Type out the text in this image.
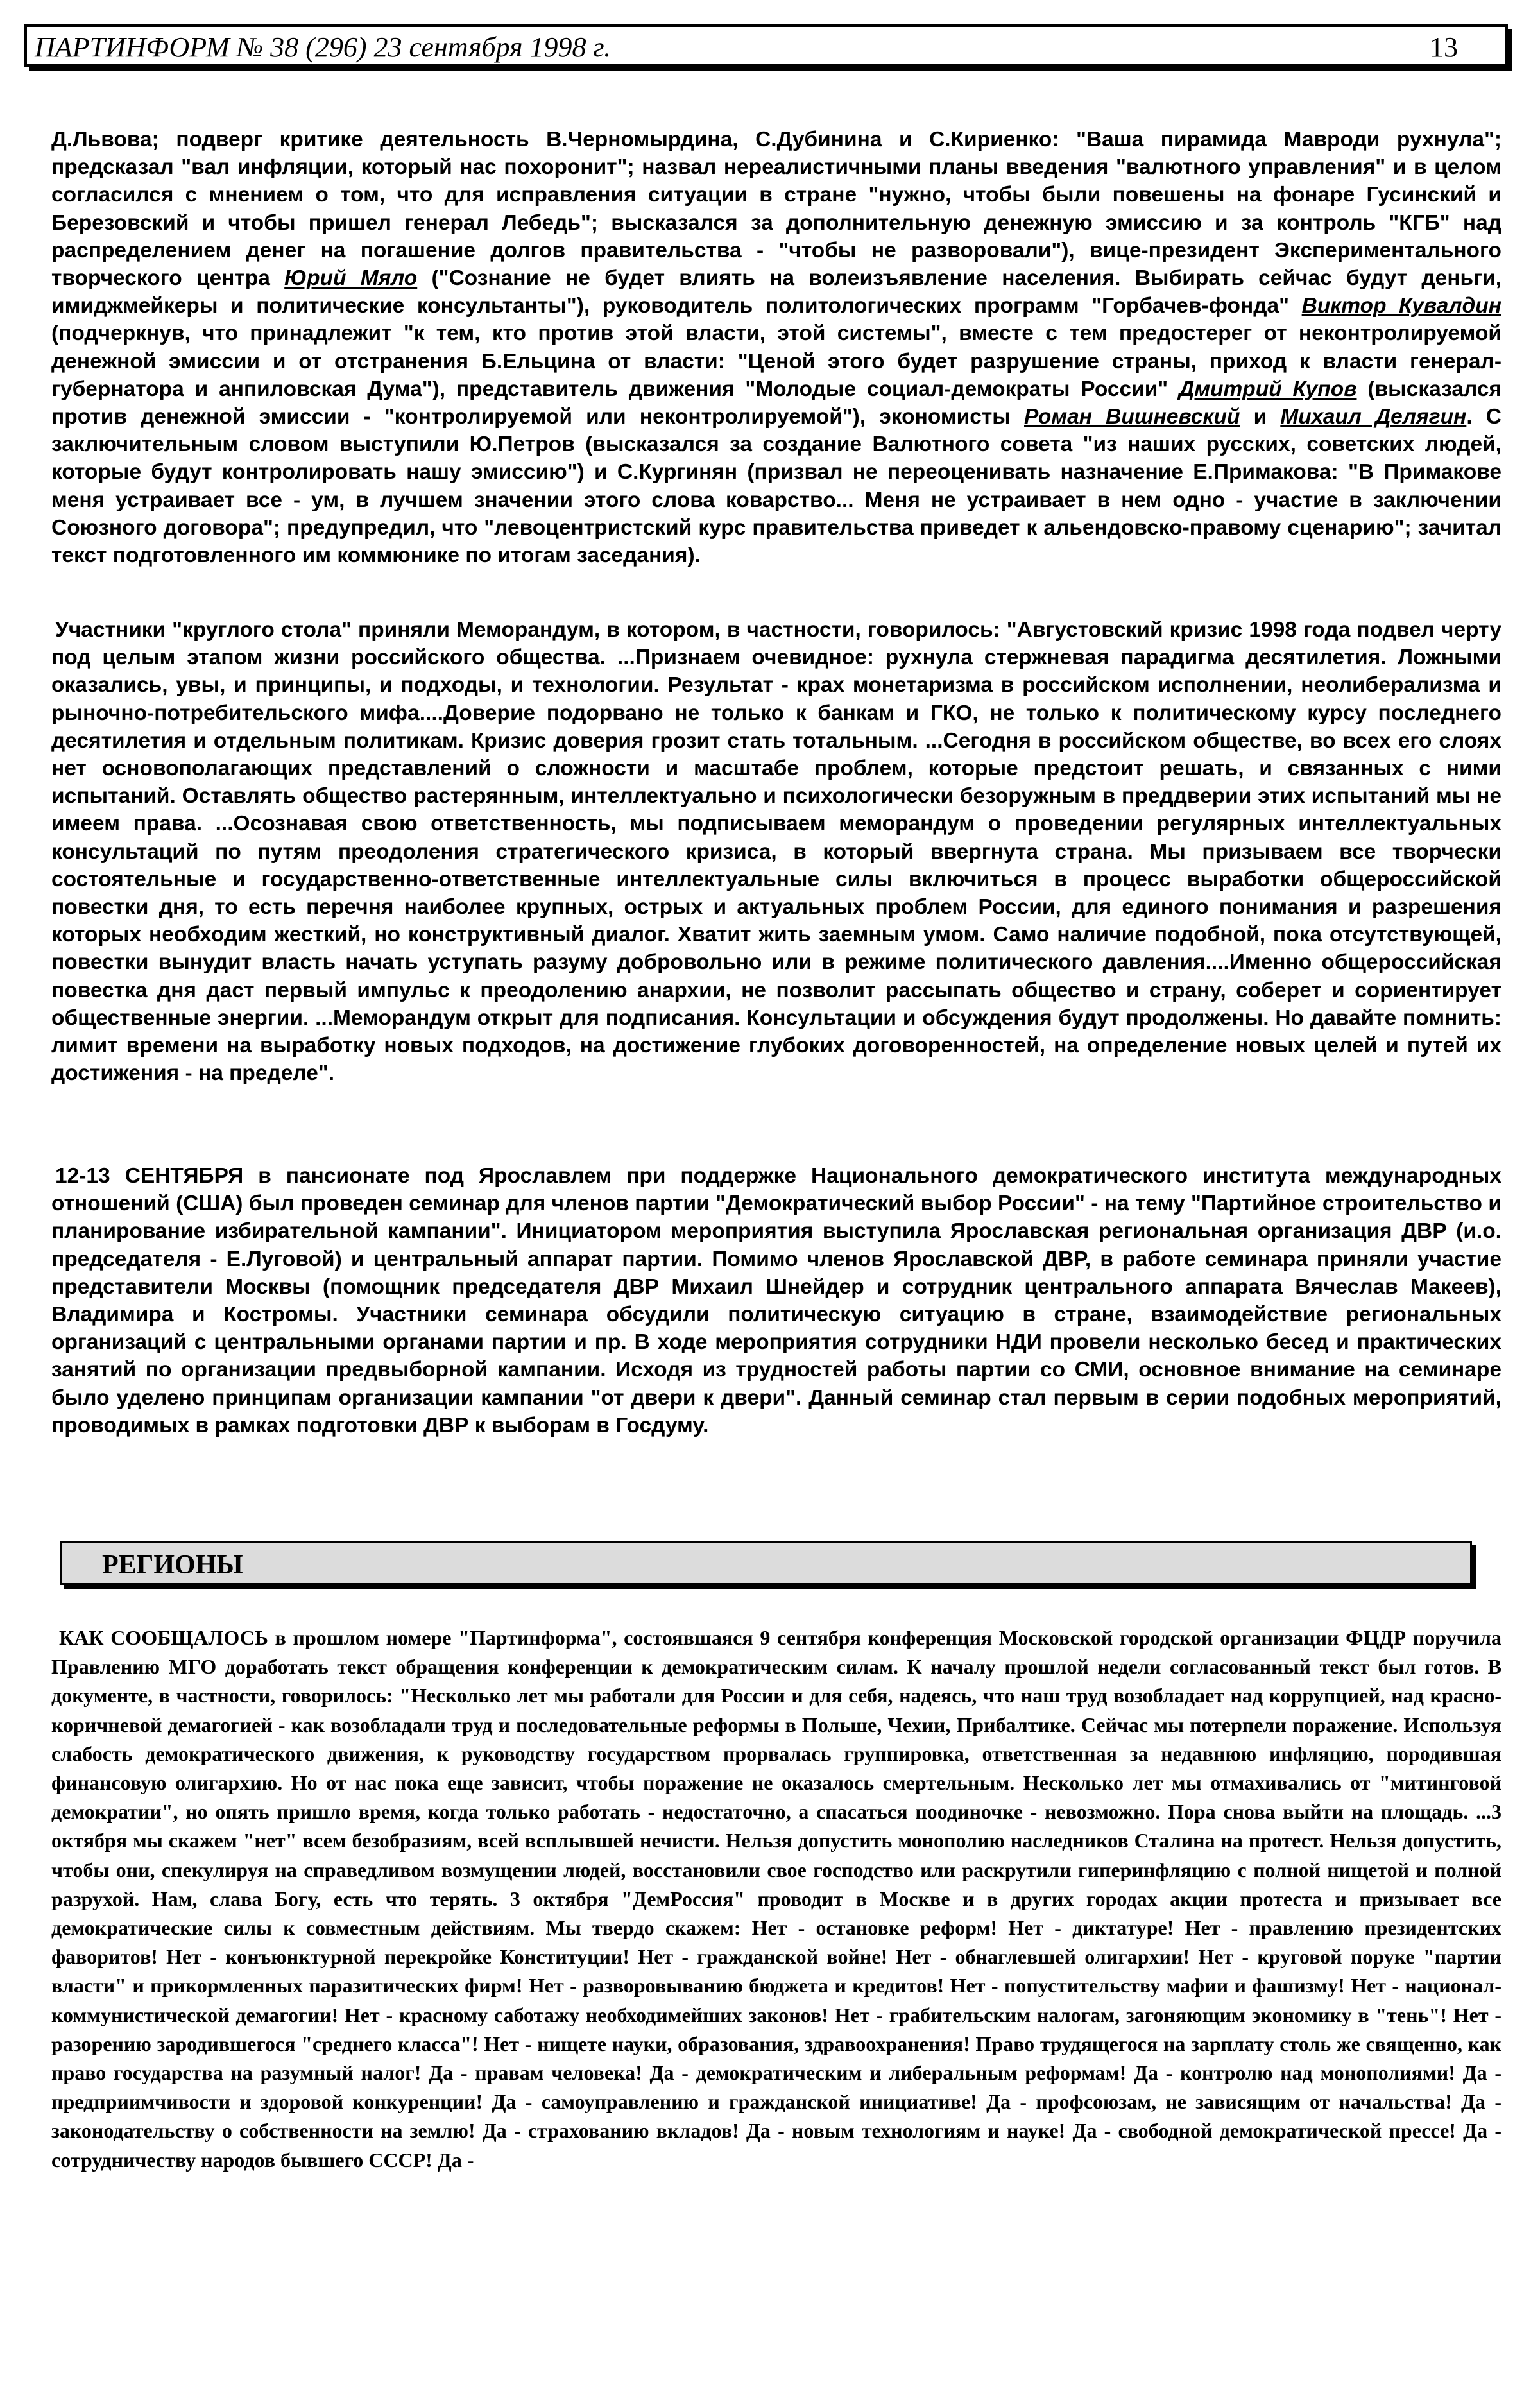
ПАРТИНФОРМ № 38 (296) 23 сентября 1998 г.	13

Д.Львова; подверг критике деятельность В.Черномырдина, С.Дубинина и С.Кириенко: "Ваша пирамида Мавроди рухнула"; предсказал "вал инфляции, который нас похоронит"; назвал нереалистичными планы введения "валютного управления" и в целом согласился с мнением о том, что для исправления ситуации в стране "нужно, чтобы были повешены на фонаре Гусинский и Березовский и чтобы пришел генерал Лебедь"; высказался за дополнительную денежную эмиссию и за контроль "КГБ" над распределением денег на погашение долгов правительства - "чтобы не разворовали"), вице-президент Экспериментального творческого центра Юрий Мяло ("Сознание не будет влиять на волеизъявление населения. Выбирать сейчас будут деньги, имиджмейкеры и политические консультанты"), руководитель политологических программ "Горбачев-фонда" Виктор Кувалдин (подчеркнув, что принадлежит "к тем, кто против этой власти, этой системы", вместе с тем предостерег от неконтролируемой денежной эмиссии и от отстранения Б.Ельцина от власти: "Ценой этого будет разрушение страны, приход к власти генерал-губернатора и анпиловская Дума"), представитель движения "Молодые социал-демократы России" Дмитрий Купов (высказался против денежной эмиссии - "контролируемой или неконтролируемой"), экономисты Роман Вишневский и Михаил Делягин. С заключительным словом выступили Ю.Петров (высказался за создание Валютного совета "из наших русских, советских людей, которые будут контролировать нашу эмиссию") и С.Кургинян (призвал не переоценивать назначение Е.Примакова: "В Примакове меня устраивает все - ум, в лучшем значении этого слова коварство... Меня не устраивает в нем одно - участие в заключении Союзного договора"; предупредил, что "левоцентристский курс правительства приведет к альендовско-правому сценарию"; зачитал текст подготовленного им коммюнике по итогам заседания).

Участники "круглого стола" приняли Меморандум, в котором, в частности, говорилось: "Августовский кризис 1998 года подвел черту под целым этапом жизни российского общества. ...Признаем очевидное: рухнула стержневая парадигма десятилетия. Ложными оказались, увы, и принципы, и подходы, и технологии. Результат - крах монетаризма в российском исполнении, неолиберализма и рыночно-потребительского мифа....Доверие подорвано не только к банкам и ГКО, не только к политическому курсу последнего десятилетия и отдельным политикам. Кризис доверия грозит стать тотальным. ...Сегодня в российском обществе, во всех его слоях нет основополагающих представлений о сложности и масштабе проблем, которые предстоит решать, и связанных с ними испытаний. Оставлять общество растерянным, интеллектуально и психологически безоружным в преддверии этих испытаний мы не имеем права. ...Осознавая свою ответственность, мы подписываем меморандум о проведении регулярных интеллектуальных консультаций по путям преодоления стратегического кризиса, в который ввергнута страна. Мы призываем все творчески состоятельные и государственно-ответственные интеллектуальные силы включиться в процесс выработки общероссийской повестки дня, то есть перечня наиболее крупных, острых и актуальных проблем России, для единого понимания и разрешения которых необходим жесткий, но конструктивный диалог. Хватит жить заемным умом. Само наличие подобной, пока отсутствующей, повестки вынудит власть начать уступать разуму добровольно или в режиме политического давления....Именно общероссийская повестка дня даст первый импульс к преодолению анархии, не позволит рассыпать общество и страну, соберет и сориентирует общественные энергии. ...Меморандум открыт для подписания. Консультации и обсуждения будут продолжены. Но давайте помнить: лимит времени на выработку новых подходов, на достижение глубоких договоренностей, на определение новых целей и путей их достижения - на пределе".

12-13 СЕНТЯБРЯ в пансионате под Ярославлем при поддержке Национального демократического института международных отношений (США) был проведен семинар для членов партии "Демократический выбор России" - на тему "Партийное строительство и планирование избирательной кампании". Инициатором мероприятия выступила Ярославская региональная организация ДВР (и.о. председателя - Е.Луговой) и центральный аппарат партии. Помимо членов Ярославской ДВР, в работе семинара приняли участие представители Москвы (помощник председателя ДВР Михаил Шнейдер и сотрудник центрального аппарата Вячеслав Макеев), Владимира и Костромы. Участники семинара обсудили политическую ситуацию в стране, взаимодействие региональных организаций с центральными органами партии и пр. В ходе мероприятия сотрудники НДИ провели несколько бесед и практических занятий по организации предвыборной кампании. Исходя из трудностей работы партии со СМИ, основное внимание на семинаре было уделено принципам организации кампании "от двери к двери". Данный семинар стал первым в серии подобных мероприятий, проводимых в рамках подготовки ДВР к выборам в Госдуму.

РЕГИОНЫ

КАК СООБЩАЛОСЬ в прошлом номере "Партинформа", состоявшаяся 9 сентября конференция Московской городской организации ФЦДР поручила Правлению МГО доработать текст обращения конференции к демократическим силам. К началу прошлой недели согласованный текст был готов. В документе, в частности, говорилось: "Несколько лет мы работали для России и для себя, надеясь, что наш труд возобладает над коррупцией, над красно-коричневой демагогией - как возобладали труд и последовательные реформы в Польше, Чехии, Прибалтике. Сейчас мы потерпели поражение. Используя слабость демократического движения, к руководству государством прорвалась группировка, ответственная за недавнюю инфляцию, породившая финансовую олигархию. Но от нас пока еще зависит, чтобы поражение не оказалось смертельным. Несколько лет мы отмахивались от "митинговой демократии", но опять пришло время, когда только работать - недостаточно, а спасаться поодиночке - невозможно. Пора снова выйти на площадь. ...3 октября мы скажем "нет" всем безобразиям, всей всплывшей нечисти. Нельзя допустить монополию наследников Сталина на протест. Нельзя допустить, чтобы они, спекулируя на справедливом возмущении людей, восстановили свое господство или раскрутили гиперинфляцию с полной нищетой и полной разрухой. Нам, слава Богу, есть что терять. 3 октября "ДемРоссия" проводит в Москве и в других городах акции протеста и призывает все демократические силы к совместным действиям. Мы твердо скажем: Нет - остановке реформ! Нет - диктатуре! Нет - правлению президентских фаворитов! Нет - конъюнктурной перекройке Конституции! Нет - гражданской войне! Нет - обнаглевшей олигархии! Нет - круговой поруке "партии власти" и прикормленных паразитических фирм! Нет - разворовыванию бюджета и кредитов! Нет - попустительству мафии и фашизму! Нет - национал-коммунистической демагогии! Нет - красному саботажу необходимейших законов! Нет - грабительским налогам, загоняющим экономику в "тень"! Нет - разорению зародившегося "среднего класса"! Нет - нищете науки, образования, здравоохранения! Право трудящегося на зарплату столь же священно, как право государства на разумный налог! Да - правам человека! Да - демократическим и либеральным реформам! Да - контролю над монополиями! Да - предприимчивости и здоровой конкуренции! Да - самоуправлению и гражданской инициативе! Да - профсоюзам, не зависящим от начальства! Да - законодательству о собственности на землю! Да - страхованию вкладов! Да - новым технологиям и науке! Да - свободной демократической прессе! Да - сотрудничеству народов бывшего СССР! Да -
